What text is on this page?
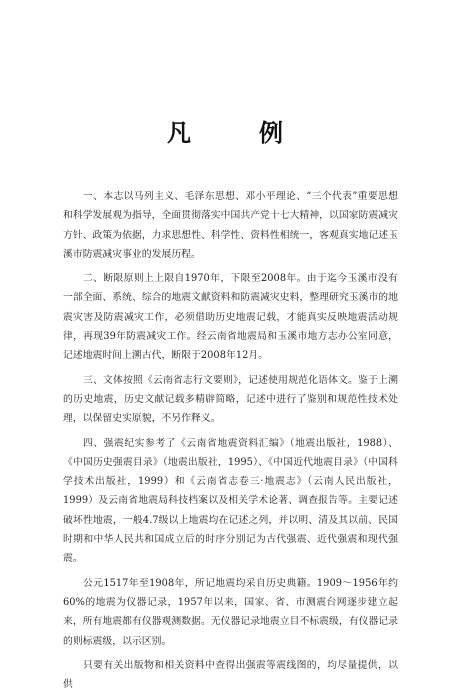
凡　例

一、本志以马列主义、毛泽东思想、邓小平理论、“三个代表”重要思想和科学发展观为指导，全面贯彻落实中国共产党十七大精神，以国家防震减灾方针、政策为依据，力求思想性、科学性、资料性相统一，客观真实地记述玉溪市防震减灾事业的发展历程。

二、断限原则上上限自1970年，下限至2008年。由于迄今玉溪市没有一部全面、系统、综合的地震文献资料和防震减灾史料，整理研究玉溪市的地震灾害及防震减灾工作，必须借助历史地震记载，才能真实反映地震活动规律，再现39年防震减灾工作。经云南省地震局和玉溪市地方志办公室同意，记述地震时间上溯古代，断限于2008年12月。

三、文体按照《云南省志行文要则》，记述使用规范化语体文。鉴于上溯的历史地震，历史文献记载多精辟简略，记述中进行了鉴别和规范性技术处理，以保留史实原貌，不另作释义。

四、强震纪实参考了《云南省地震资料汇编》（地震出版社，1988）、《中国历史强震目录》（地震出版社，1995）、《中国近代地震目录》（中国科学技术出版社，1999）和《云南省志卷三·地震志》（云南人民出版社，1999）及云南省地震局科技档案以及相关学术论著、调查报告等。主要记述破坏性地震，一般4.7级以上地震均在记述之列，并以明、清及其以前、民国时期和中华人民共和国成立后的时序分别记为古代强震、近代强震和现代强震。

公元1517年至1908年，所记地震均采自历史典籍。1909～1956年约60%的地震为仪器记录，1957年以来，国家、省、市测震台网逐步建立起来，所有地震都有仪器观测数据。无仪器记录地震立目不标震级，有仪器记录的则标震级，以示区别。

只要有关出版物和相关资料中查得出强震等震线图的，均尽量提供，以供
